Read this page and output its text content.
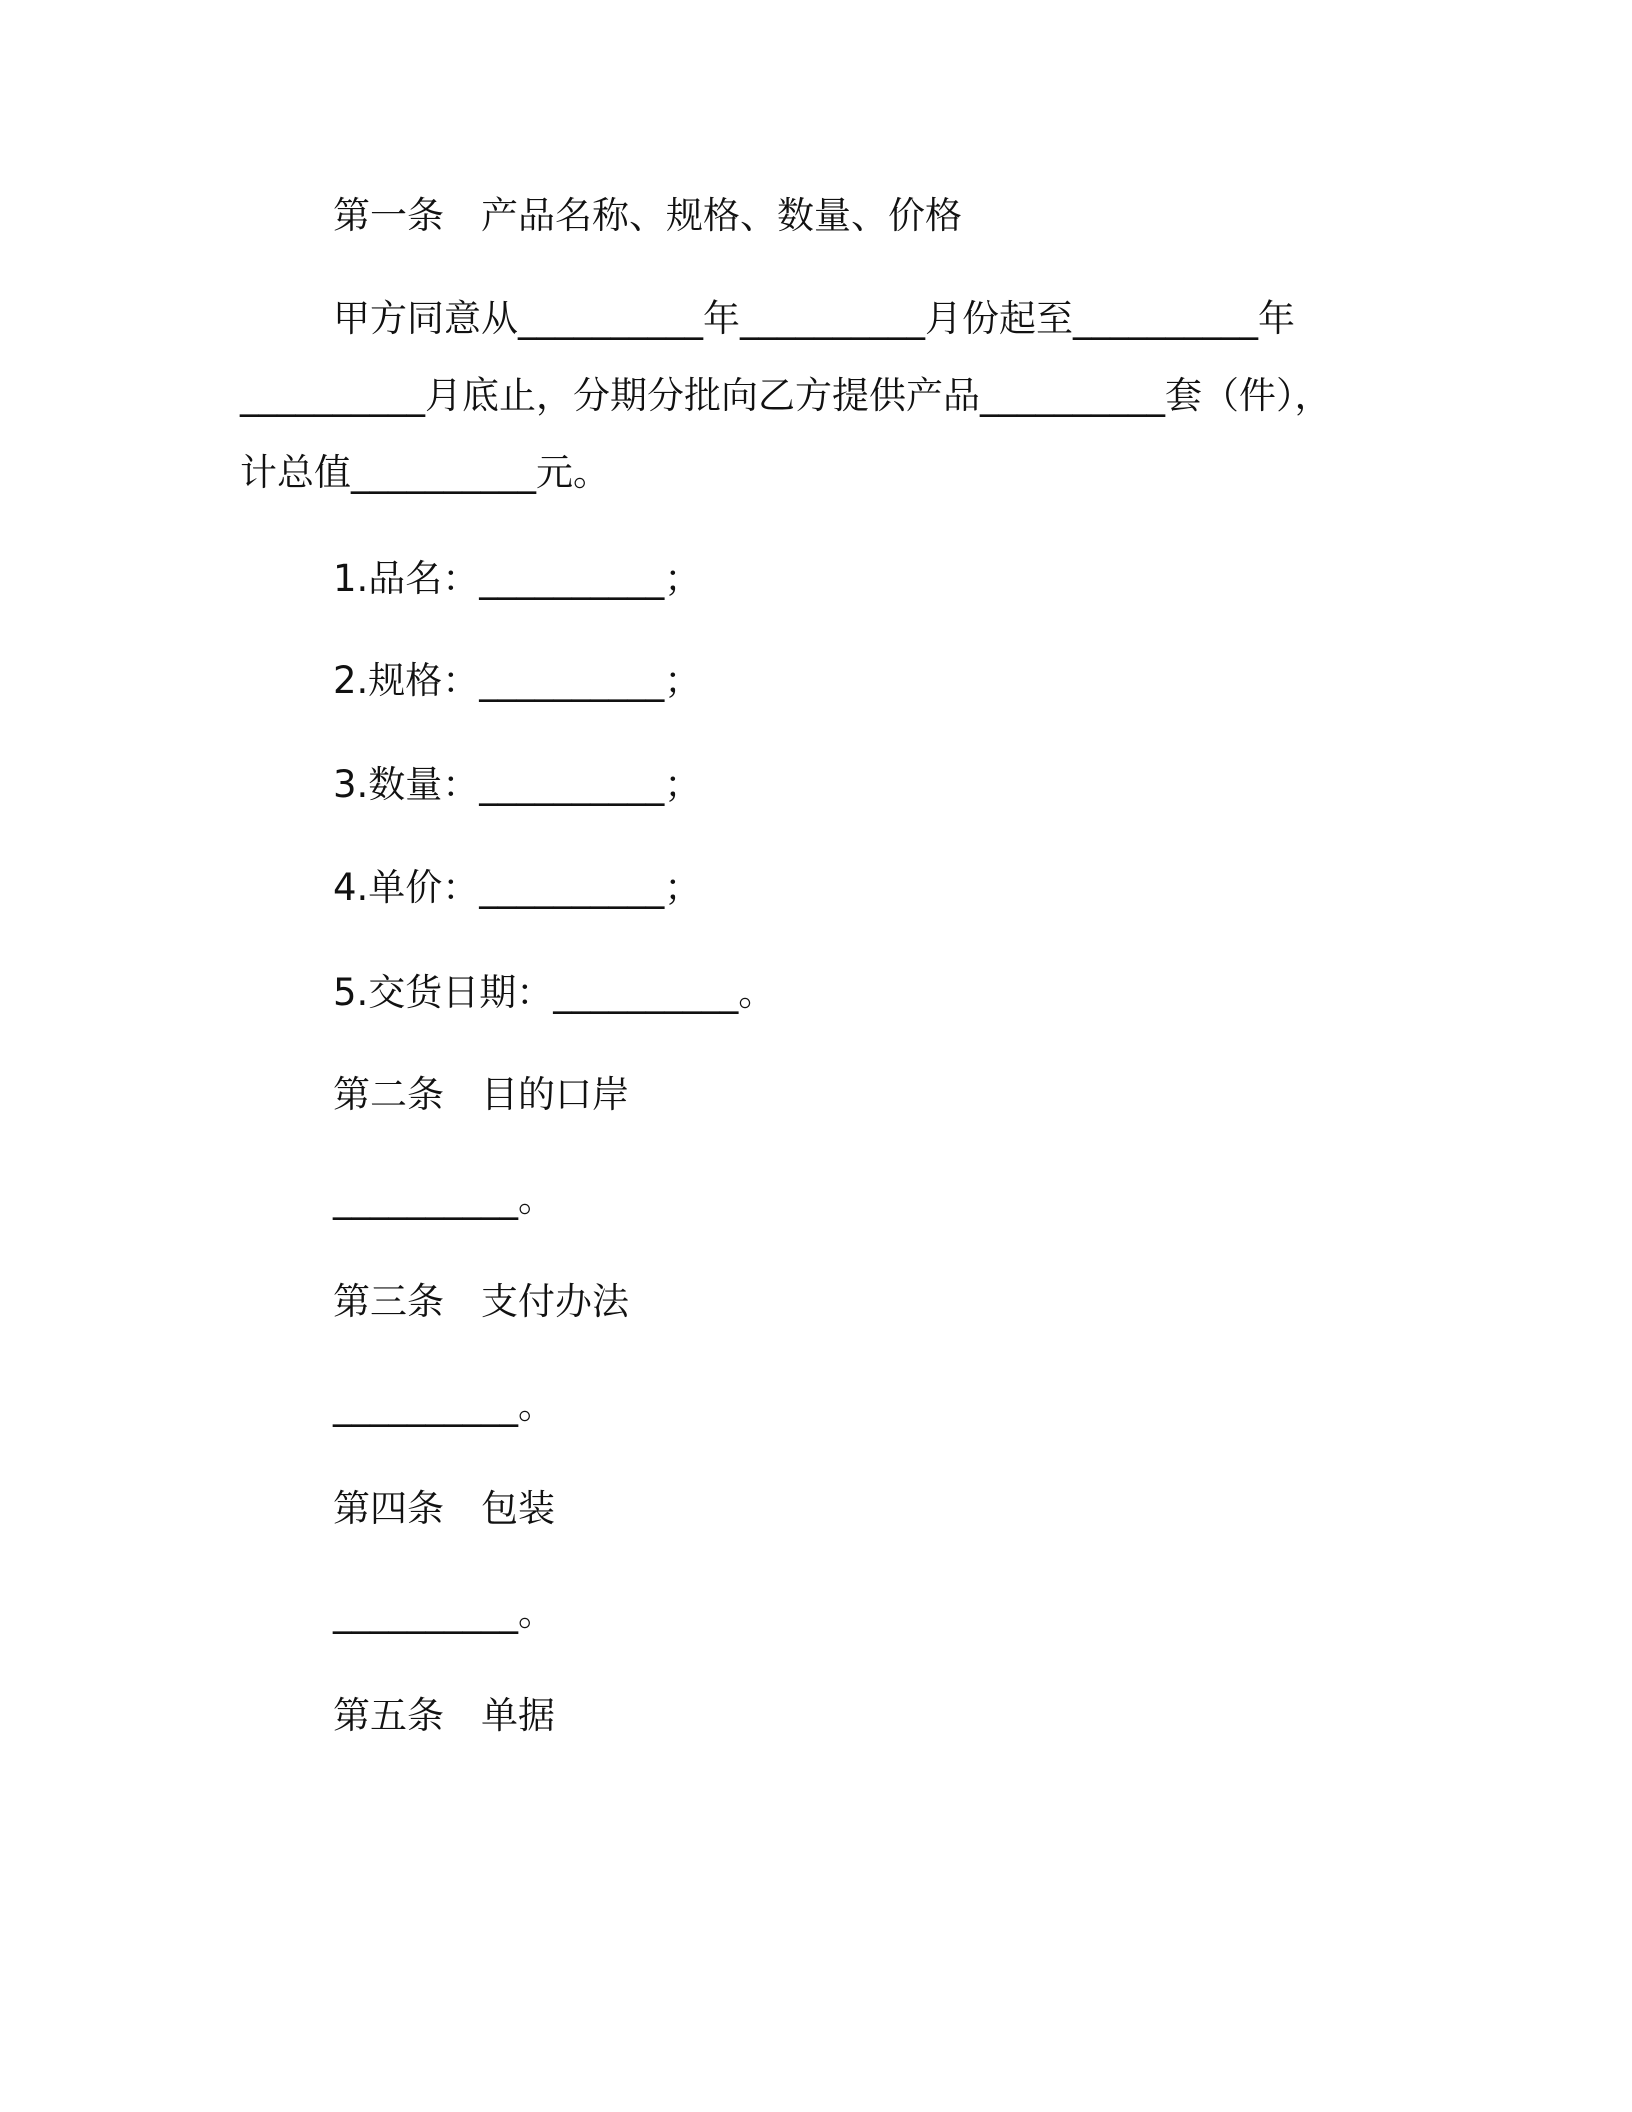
第一条　产品名称、规格、数量、价格
甲方同意从__________年__________月份起至__________年
__________月底止，分期分批向乙方提供产品__________套（件），
计总值__________元。
1.品名：__________；
2.规格：__________；
3.数量：__________；
4.单价：__________；
5.交货日期：__________。
第二条　目的口岸
__________。
第三条　支付办法
__________。
第四条　包装
__________。
第五条　单据
